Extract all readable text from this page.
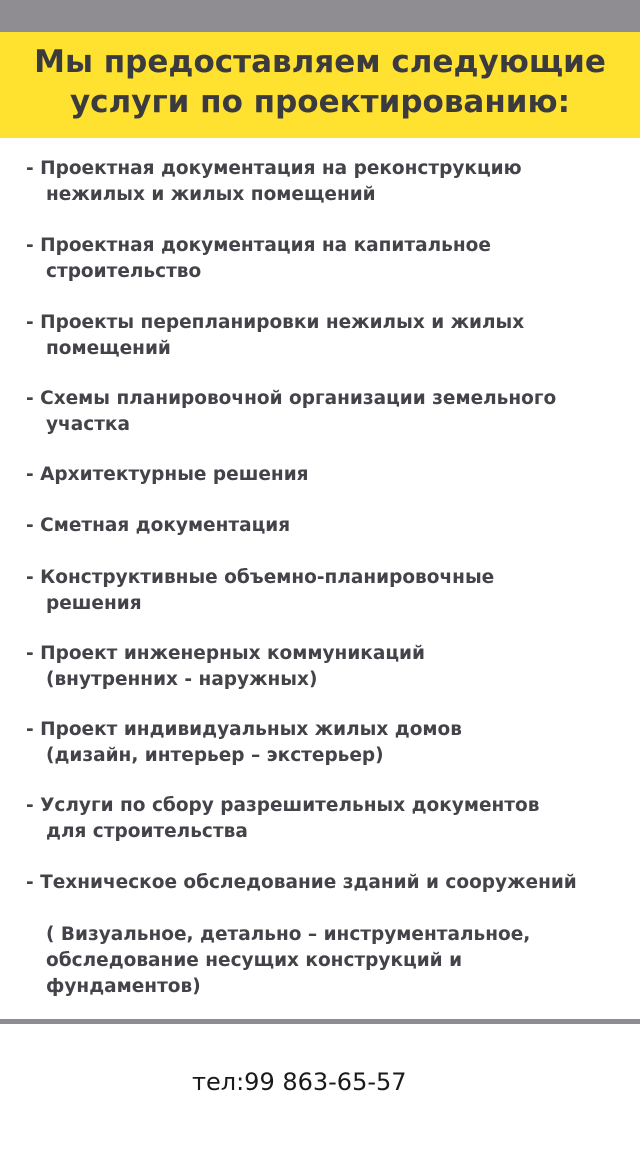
Мы предоставляем следующие
услуги по проектированию:
- Проектная документация на реконструкцию
нежилых и жилых помещений
- Проектная документация на капитальное
строительство
- Проекты перепланировки нежилых и жилых
помещений
- Схемы планировочной организации земельного
участка
- Архитектурные решения
- Сметная документация
- Конструктивные объемно-планировочные
решения
- Проект инженерных коммуникаций
(внутренних - наружных)
- Проект индивидуальных жилых домов
(дизайн, интерьер – экстерьер)
- Услуги по сбору разрешительных документов
для строительства
- Техническое обследование зданий и сооружений
( Визуальное, детально – инструментальное,
обследование несущих конструкций и
фундаментов)
тел:99 863-65-57
